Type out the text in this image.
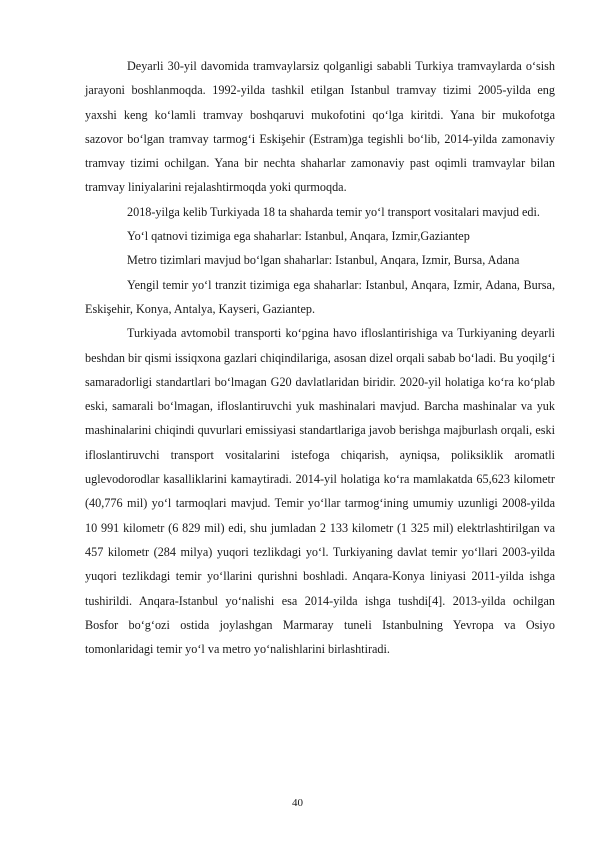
Deyarli 30-yil davomida tramvaylarsiz qolganligi sababli Turkiya tramvaylarda o‘sish jarayoni boshlanmoqda. 1992-yilda tashkil etilgan Istanbul tramvay tizimi 2005-yilda eng yaxshi keng ko‘lamli tramvay boshqaruvi mukofotini qo‘lga kiritdi. Yana bir mukofotga sazovor bo‘lgan tramvay tarmog‘i Eskişehir (Estram)ga tegishli bo‘lib, 2014-yilda zamonaviy tramvay tizimi ochilgan. Yana bir nechta shaharlar zamonaviy past oqimli tramvaylar bilan tramvay liniyalarini rejalashtirmoqda yoki qurmoqda.

2018-yilga kelib Turkiyada 18 ta shaharda temir yo‘l transport vositalari mavjud edi.

Yo‘l qatnovi tizimiga ega shaharlar: Istanbul, Anqara, Izmir,Gaziantep

Metro tizimlari mavjud bo‘lgan shaharlar: Istanbul, Anqara, Izmir, Bursa, Adana

Yengil temir yo‘l tranzit tizimiga ega shaharlar: Istanbul, Anqara, Izmir, Adana, Bursa, Eskişehir, Konya, Antalya, Kayseri, Gaziantep.

Turkiyada avtomobil transporti ko‘pgina havo ifloslantirishiga va Turkiyaning deyarli beshdan bir qismi issiqxona gazlari chiqindilariga, asosan dizel orqali sabab bo‘ladi. Bu yoqilg‘i samaradorligi standartlari bo‘lmagan G20 davlatlaridan biridir. 2020-yil holatiga ko‘ra ko‘plab eski, samarali bo‘lmagan, ifloslantiruvchi yuk mashinalari mavjud. Barcha mashinalar va yuk mashinalarini chiqindi quvurlari emissiyasi standartlariga javob berishga majburlash orqali, eski ifloslantiruvchi transport vositalarini istefoga chiqarish, ayniqsa, poliksiklik aromatli uglevodorodlar kasalliklarini kamaytiradi. 2014-yil holatiga ko‘ra mamlakatda 65,623 kilometr (40,776 mil) yo‘l tarmoqlari mavjud. Temir yo‘llar tarmog‘ining umumiy uzunligi 2008-yilda 10 991 kilometr (6 829 mil) edi, shu jumladan 2 133 kilometr (1 325 mil) elektrlashtirilgan va 457 kilometr (284 milya) yuqori tezlikdagi yo‘l. Turkiyaning davlat temir yo‘llari 2003-yilda yuqori tezlikdagi temir yo‘llarini qurishni boshladi. Anqara-Konya liniyasi 2011-yilda ishga tushirildi. Anqara-Istanbul yo‘nalishi esa 2014-yilda ishga tushdi[4]. 2013-yilda ochilgan Bosfor bo‘g‘ozi ostida joylashgan Marmaray tuneli Istanbulning Yevropa va Osiyo tomonlaridagi temir yo‘l va metro yo‘nalishlarini birlashtiradi.

40
